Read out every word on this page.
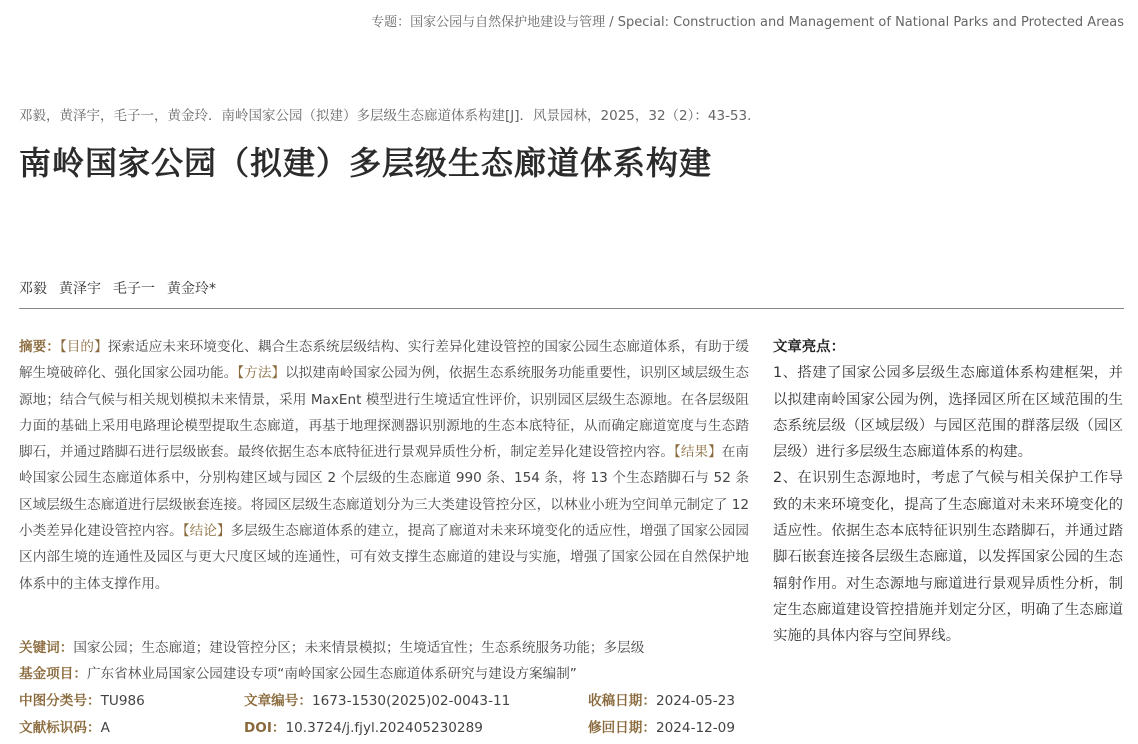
专题：国家公园与自然保护地建设与管理 / Special: Construction and Management of National Parks and Protected Areas
邓毅，黄泽宇，毛子一，黄金玲．南岭国家公园（拟建）多层级生态廊道体系构建[J]．风景园林，2025，32（2）：43-53．
南岭国家公园（拟建）多层级生态廊道体系构建
邓毅 黄泽宇 毛子一 黄金玲*
摘要：【目的】探索适应未来环境变化、耦合生态系统层级结构、实行差异化建设管控的国家公园生态廊道体系，有助于缓解生境破碎化、强化国家公园功能。【方法】以拟建南岭国家公园为例，依据生态系统服务功能重要性，识别区域层级生态源地；结合气候与相关规划模拟未来情景，采用 MaxEnt 模型进行生境适宜性评价，识别园区层级生态源地。在各层级阻力面的基础上采用电路理论模型提取生态廊道，再基于地理探测器识别源地的生态本底特征，从而确定廊道宽度与生态踏脚石，并通过踏脚石进行层级嵌套。最终依据生态本底特征进行景观异质性分析，制定差异化建设管控内容。【结果】在南岭国家公园生态廊道体系中，分别构建区域与园区 2 个层级的生态廊道 990 条、154 条，将 13 个生态踏脚石与 52 条区域层级生态廊道进行层级嵌套连接。将园区层级生态廊道划分为三大类建设管控分区，以林业小班为空间单元制定了 12 小类差异化建设管控内容。【结论】多层级生态廊道体系的建立，提高了廊道对未来环境变化的适应性，增强了国家公园园区内部生境的连通性及园区与更大尺度区域的连通性，可有效支撑生态廊道的建设与实施，增强了国家公园在自然保护地体系中的主体支撑作用。
关键词：国家公园；生态廊道；建设管控分区；未来情景模拟；生境适宜性；生态系统服务功能；多层级
基金项目：广东省林业局国家公园建设专项“南岭国家公园生态廊道体系研究与建设方案编制”
中图分类号：TU986	文章编号：1673-1530(2025)02-0043-11	收稿日期：2024-05-23
文献标识码：A	DOI：10.3724/j.fjyl.202405230289	修回日期：2024-12-09

文章亮点：

1、搭建了国家公园多层级生态廊道体系构建框架，并以拟建南岭国家公园为例，选择园区所在区域范围的生态系统层级（区域层级）与园区范围的群落层级（园区层级）进行多层级生态廊道体系的构建。

2、在识别生态源地时，考虑了气候与相关保护工作导致的未来环境变化，提高了生态廊道对未来环境变化的适应性。依据生态本底特征识别生态踏脚石，并通过踏脚石嵌套连接各层级生态廊道，以发挥国家公园的生态辐射作用。对生态源地与廊道进行景观异质性分析，制定生态廊道建设管控措施并划定分区，明确了生态廊道实施的具体内容与空间界线。
